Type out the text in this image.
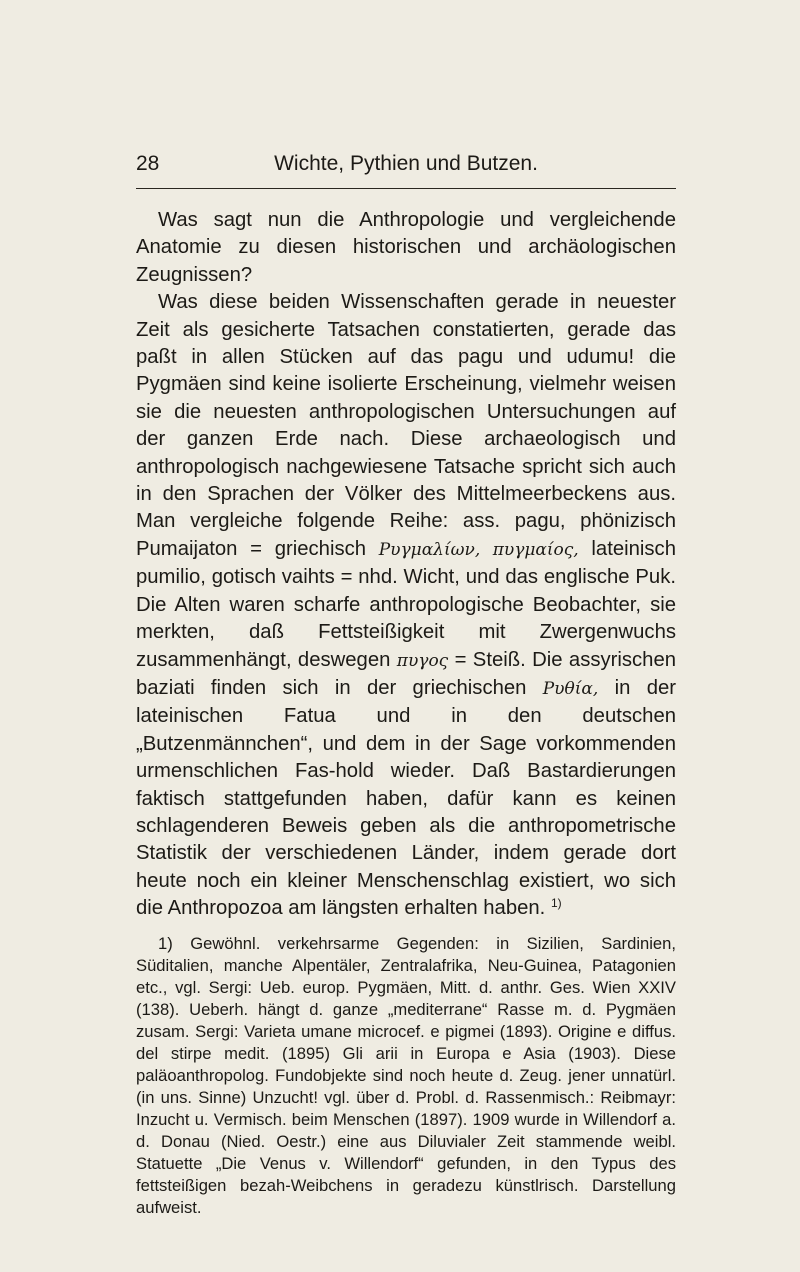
28	Wichte, Pythien und Butzen.

Was sagt nun die Anthropologie und vergleichende Anatomie zu diesen historischen und archäologischen Zeugnissen?

Was diese beiden Wissenschaften gerade in neuester Zeit als gesicherte Tatsachen constatierten, gerade das paßt in allen Stücken auf das pagu und udumu! die Pygmäen sind keine isolierte Erscheinung, vielmehr weisen sie die neuesten anthropologischen Untersuchungen auf der ganzen Erde nach. Diese archaeologisch und anthropologisch nachgewiesene Tatsache spricht sich auch in den Sprachen der Völker des Mittelmeerbeckens aus. Man vergleiche folgende Reihe: ass. pagu, phönizisch Pumaijaton = griechisch Pυγμαλίων, πυγμαίος, lateinisch pumilio, gotisch vaihts = nhd. Wicht, und das englische Puk. Die Alten waren scharfe anthropologische Beobachter, sie merkten, daß Fettsteißigkeit mit Zwergenwuchs zusammenhängt, deswegen πυγος = Steiß. Die assyrischen baziati finden sich in der griechischen Pυθία, in der lateinischen Fatua und in den deutschen „Butzenmännchen“, und dem in der Sage vorkommenden urmenschlichen Fas-hold wieder. Daß Bastardierungen faktisch stattgefunden haben, dafür kann es keinen schlagenderen Beweis geben als die anthropometrische Statistik der verschiedenen Länder, indem gerade dort heute noch ein kleiner Menschenschlag existiert, wo sich die Anthropozoa am längsten erhalten haben. $^{1)}$

1) Gewöhnl. verkehrsarme Gegenden: in Sizilien, Sardinien, Süditalien, manche Alpentäler, Zentralafrika, Neu-Guinea, Patagonien etc., vgl. Sergi: Ueb. europ. Pygmäen, Mitt. d. anthr. Ges. Wien XXIV (138). Ueberh. hängt d. ganze „mediterrane“ Rasse m. d. Pygmäen zusam. Sergi: Varieta umane microcef. e pigmei (1893). Origine e diffus. del stirpe medit. (1895) Gli arii in Europa e Asia (1903). Diese paläoanthropolog. Fundobjekte sind noch heute d. Zeug. jener unnatürl. (in uns. Sinne) Unzucht! vgl. über d. Probl. d. Rassenmisch.: Reibmayr: Inzucht u. Vermisch. beim Menschen (1897). 1909 wurde in Willendorf a. d. Donau (Nied. Oestr.) eine aus Diluvialer Zeit stammende weibl. Statuette „Die Venus v. Willendorf“ gefunden, in den Typus des fettsteißigen bezah-Weibchens in geradezu künstlrisch. Darstellung aufweist.
